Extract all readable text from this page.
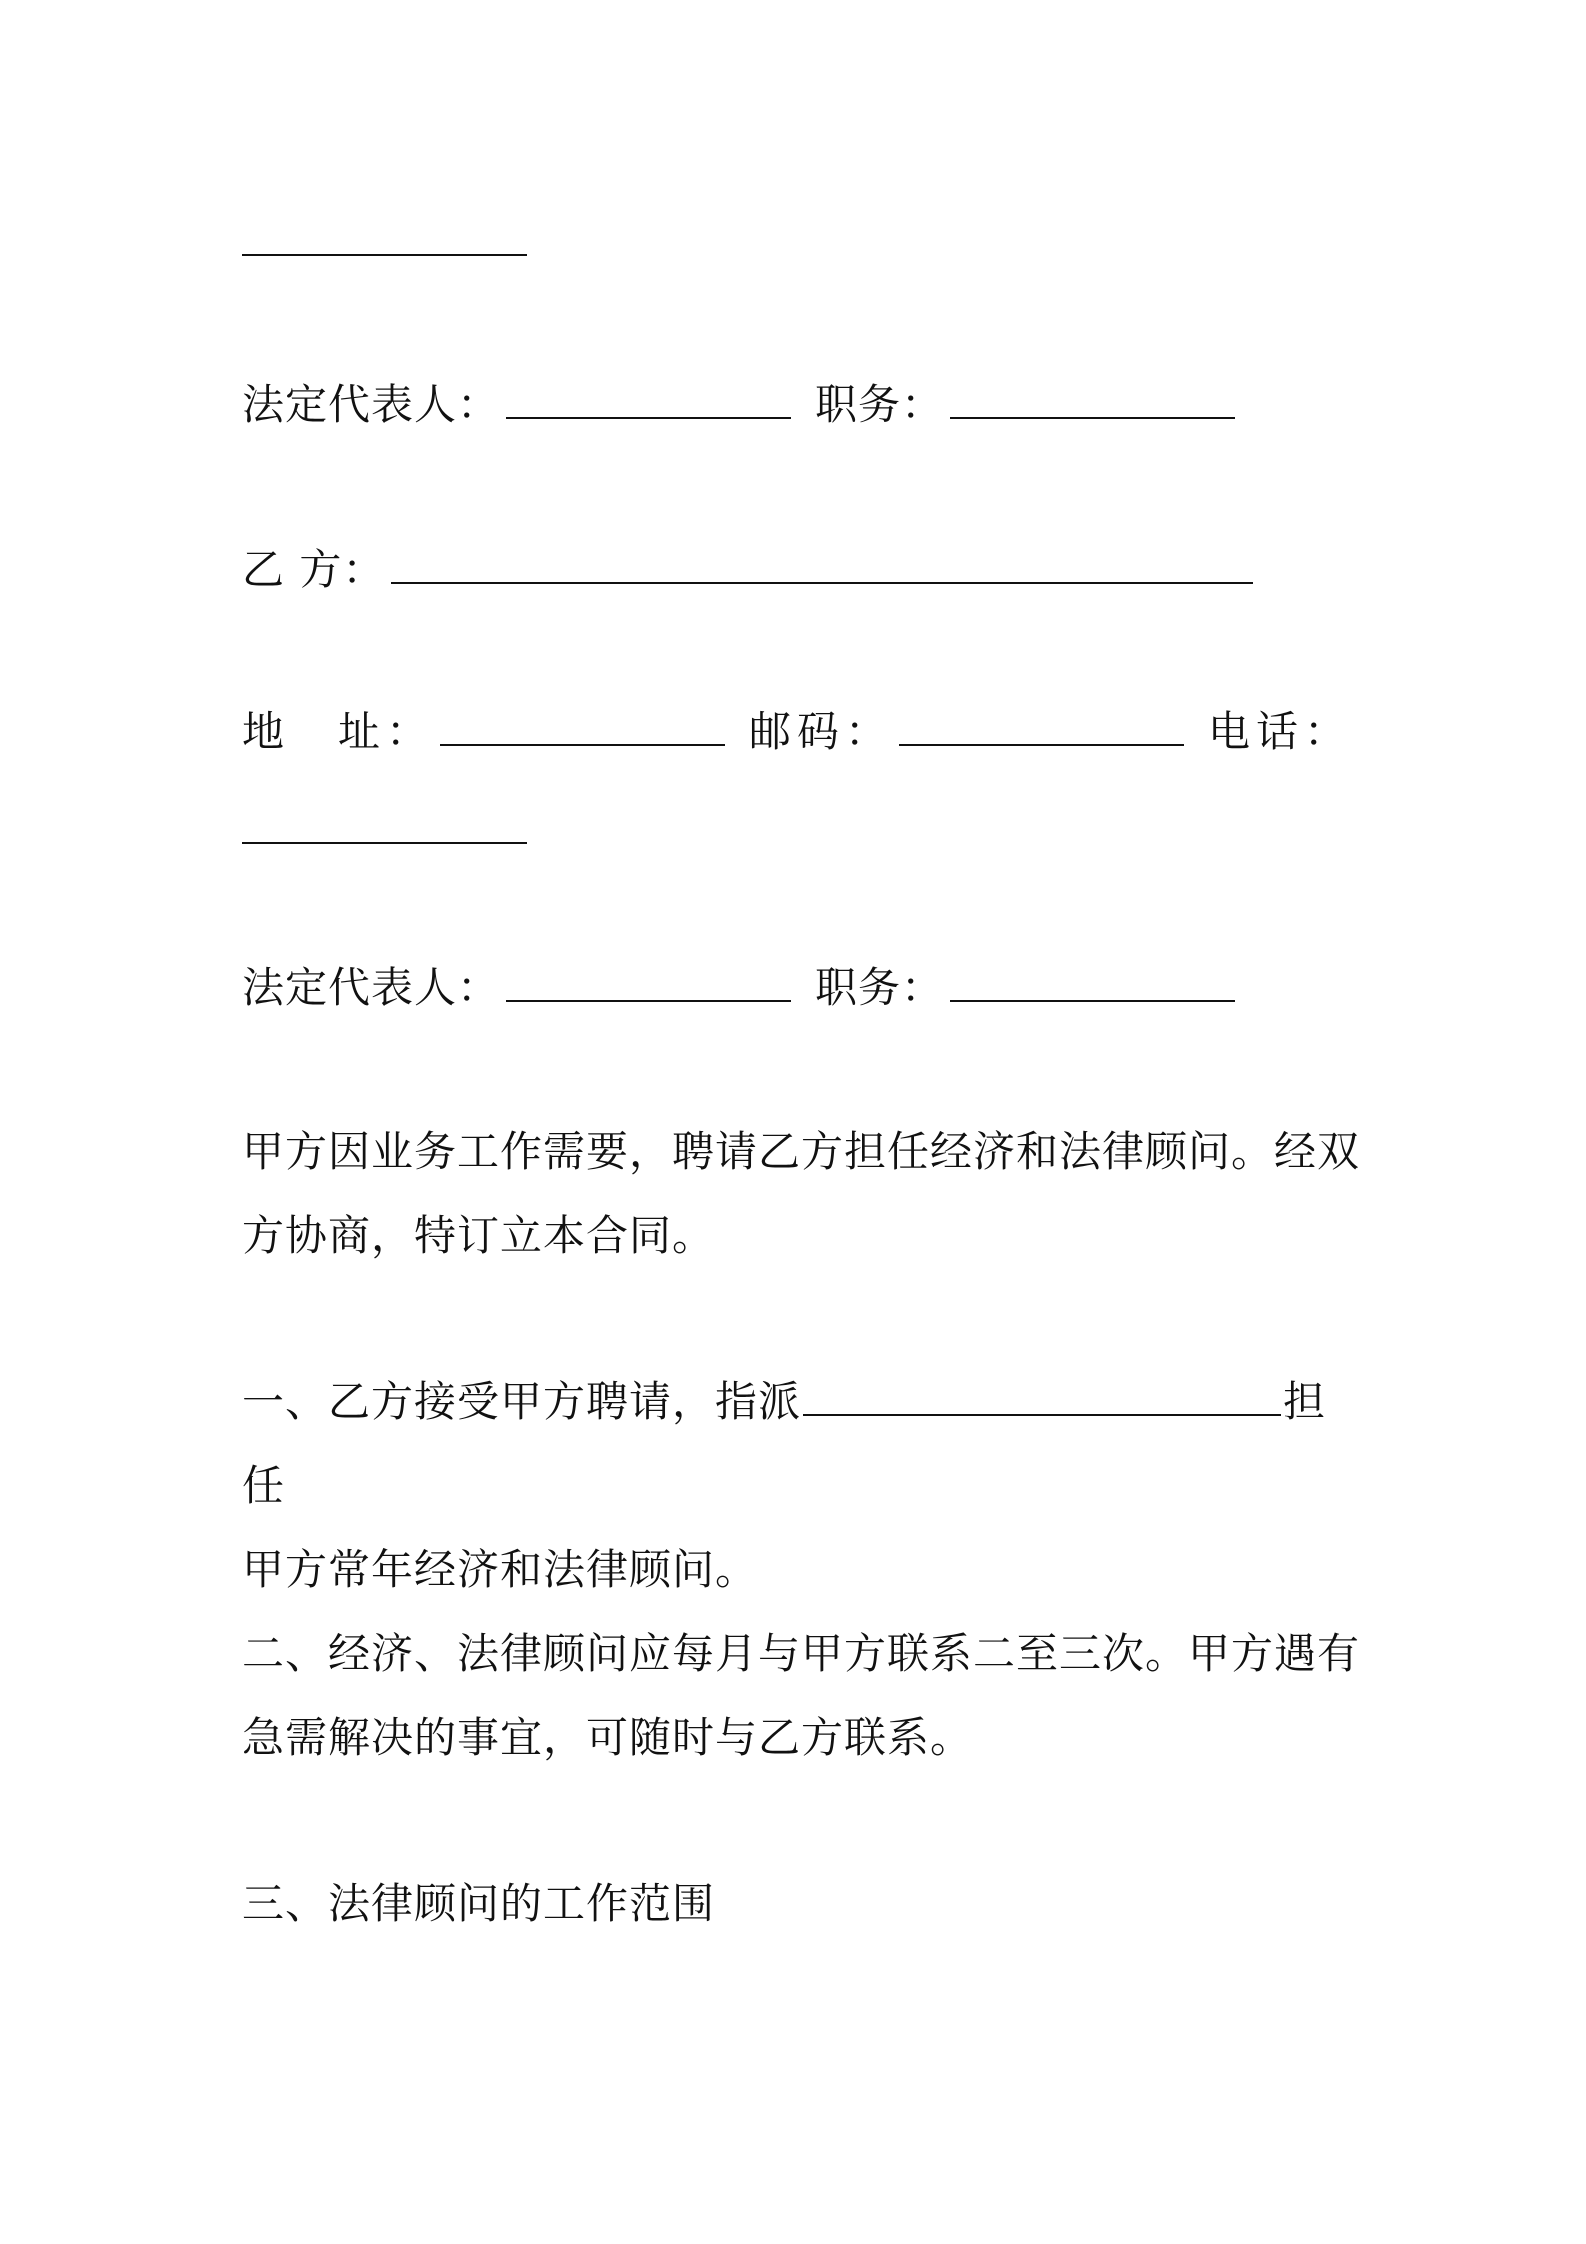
法定代表人：	职务：
乙 方：
地　址：	邮码：	电话：
法定代表人：	职务：
甲方因业务工作需要，聘请乙方担任经济和法律顾问。经双方协商，特订立本合同。
一、乙方接受甲方聘请，指派	担任
甲方常年经济和法律顾问。
二、经济、法律顾问应每月与甲方联系二至三次。甲方遇有急需解决的事宜，可随时与乙方联系。
三、法律顾问的工作范围
